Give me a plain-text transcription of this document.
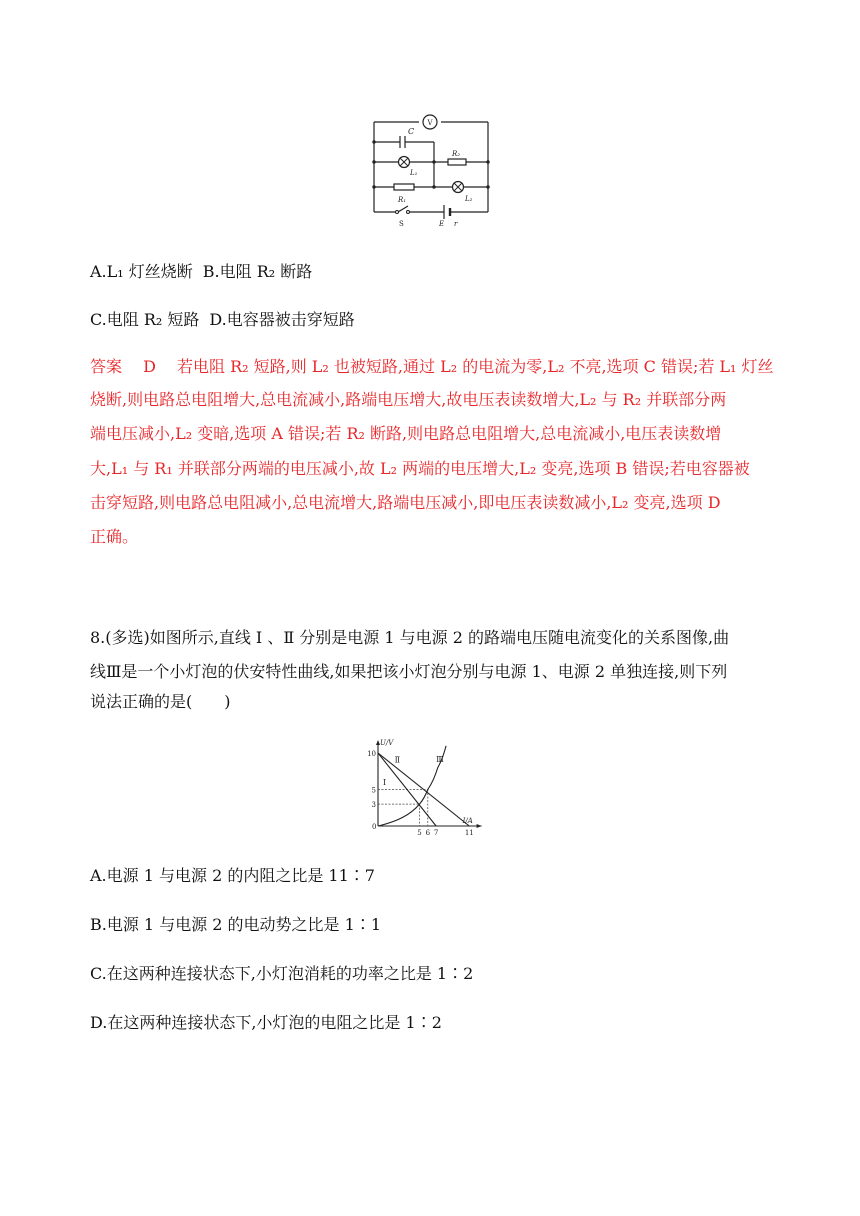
V
C
R₂
L₁
R₁	L₂
S	E r
A.L₁ 灯丝烧断 B.电阻 R₂ 断路
C.电阻 R₂ 短路 D.电容器被击穿短路
答案　 D　 若电阻 R₂ 短路,则 L₂ 也被短路,通过 L₂ 的电流为零,L₂ 不亮,选项 C 错误;若 L₁ 灯丝
烧断,则电路总电阻增大,总电流减小,路端电压增大,故电压表读数增大,L₂ 与 R₂ 并联部分两
端电压减小,L₂ 变暗,选项 A 错误;若 R₂ 断路,则电路总电阻增大,总电流减小,电压表读数增
大,L₁ 与 R₁ 并联部分两端的电压减小,故 L₂ 两端的电压增大,L₂ 变亮,选项 B 错误;若电容器被
击穿短路,则电路总电阻减小,总电流增大,路端电压减小,即电压表读数减小,L₂ 变亮,选项 D
正确。
8.(多选)如图所示,直线 Ⅰ 、Ⅱ 分别是电源 1 与电源 2 的路端电压随电流变化的关系图像,曲
线Ⅲ是一个小灯泡的伏安特性曲线,如果把该小灯泡分别与电源 1、电源 2 单独连接,则下列
说法正确的是(　　)
Ⅰ
Ⅱ	Ⅲ
10
5
3
5 6 7	11
0
U/V
I/A
A.电源 1 与电源 2 的内阻之比是 11∶7
B.电源 1 与电源 2 的电动势之比是 1∶1
C.在这两种连接状态下,小灯泡消耗的功率之比是 1∶2
D.在这两种连接状态下,小灯泡的电阻之比是 1∶2
